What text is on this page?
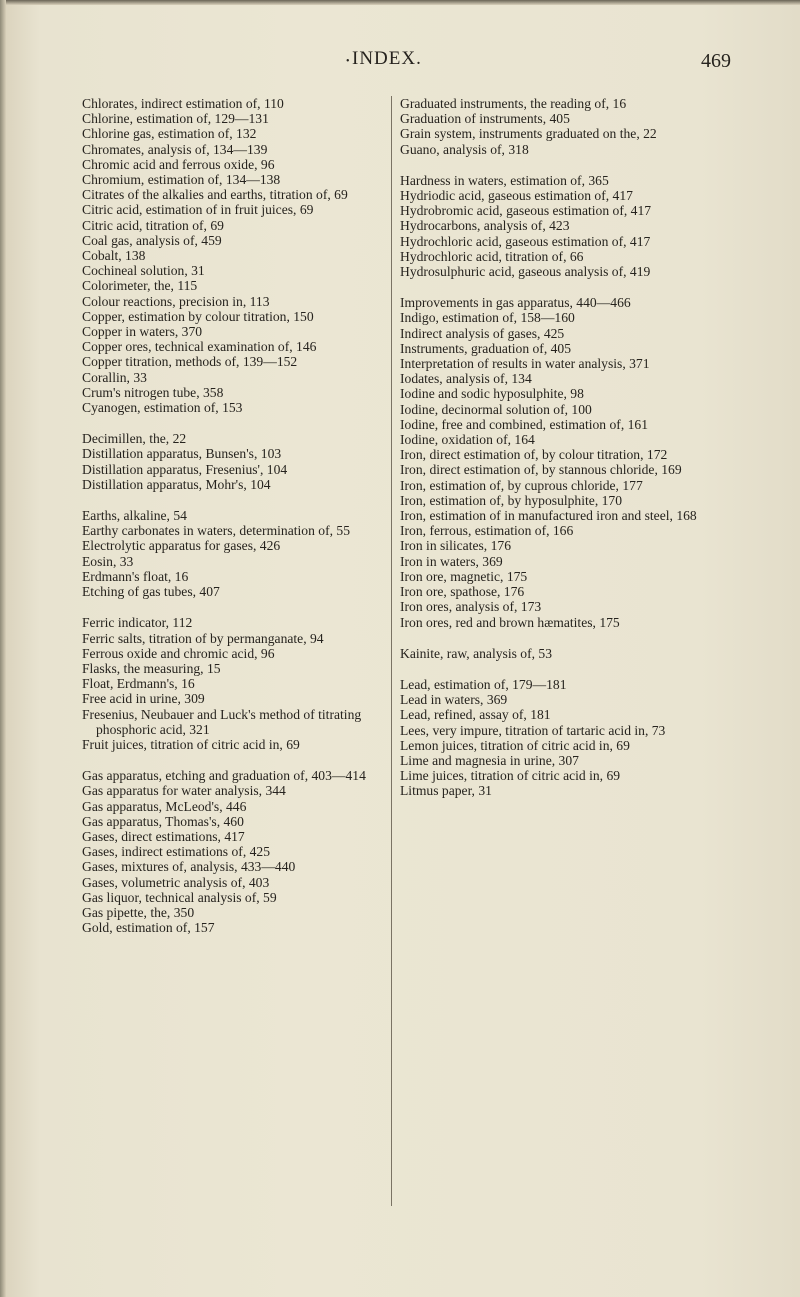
• INDEX.	469

Chlorates, indirect estimation of, 110

Chlorine, estimation of, 129—131

Chlorine gas, estimation of, 132

Chromates, analysis of, 134—139

Chromic acid and ferrous oxide, 96

Chromium, estimation of, 134—138

Citrates of the alkalies and earths, titration of, 69

Citric acid, estimation of in fruit juices, 69

Citric acid, titration of, 69

Coal gas, analysis of, 459

Cobalt, 138

Cochineal solution, 31

Colorimeter, the, 115

Colour reactions, precision in, 113

Copper, estimation by colour titration, 150

Copper in waters, 370

Copper ores, technical examination of, 146

Copper titration, methods of, 139—152

Corallin, 33

Crum's nitrogen tube, 358

Cyanogen, estimation of, 153

Decimillen, the, 22

Distillation apparatus, Bunsen's, 103

Distillation apparatus, Fresenius', 104

Distillation apparatus, Mohr's, 104

Earths, alkaline, 54

Earthy carbonates in waters, determination of, 55

Electrolytic apparatus for gases, 426

Eosin, 33

Erdmann's float, 16

Etching of gas tubes, 407

Ferric indicator, 112

Ferric salts, titration of by permanganate, 94

Ferrous oxide and chromic acid, 96

Flasks, the measuring, 15

Float, Erdmann's, 16

Free acid in urine, 309

Fresenius, Neubauer and Luck's method of titrating phosphoric acid, 321

Fruit juices, titration of citric acid in, 69

Gas apparatus, etching and graduation of, 403—414

Gas apparatus for water analysis, 344

Gas apparatus, McLeod's, 446

Gas apparatus, Thomas's, 460

Gases, direct estimations, 417

Gases, indirect estimations of, 425

Gases, mixtures of, analysis, 433—440

Gases, volumetric analysis of, 403

Gas liquor, technical analysis of, 59

Gas pipette, the, 350

Gold, estimation of, 157

Graduated instruments, the reading of, 16

Graduation of instruments, 405

Grain system, instruments graduated on the, 22

Guano, analysis of, 318

Hardness in waters, estimation of, 365

Hydriodic acid, gaseous estimation of, 417

Hydrobromic acid, gaseous estimation of, 417

Hydrocarbons, analysis of, 423

Hydrochloric acid, gaseous estimation of, 417

Hydrochloric acid, titration of, 66

Hydrosulphuric acid, gaseous analysis of, 419

Improvements in gas apparatus, 440—466

Indigo, estimation of, 158—160

Indirect analysis of gases, 425

Instruments, graduation of, 405

Interpretation of results in water analysis, 371

Iodates, analysis of, 134

Iodine and sodic hyposulphite, 98

Iodine, decinormal solution of, 100

Iodine, free and combined, estimation of, 161

Iodine, oxidation of, 164

Iron, direct estimation of, by colour titration, 172

Iron, direct estimation of, by stannous chloride, 169

Iron, estimation of, by cuprous chloride, 177

Iron, estimation of, by hyposulphite, 170

Iron, estimation of in manufactured iron and steel, 168

Iron, ferrous, estimation of, 166

Iron in silicates, 176

Iron in waters, 369

Iron ore, magnetic, 175

Iron ore, spathose, 176

Iron ores, analysis of, 173

Iron ores, red and brown hæmatites, 175

Kainite, raw, analysis of, 53

Lead, estimation of, 179—181

Lead in waters, 369

Lead, refined, assay of, 181

Lees, very impure, titration of tartaric acid in, 73

Lemon juices, titration of citric acid in, 69

Lime and magnesia in urine, 307

Lime juices, titration of citric acid in, 69

Litmus paper, 31
